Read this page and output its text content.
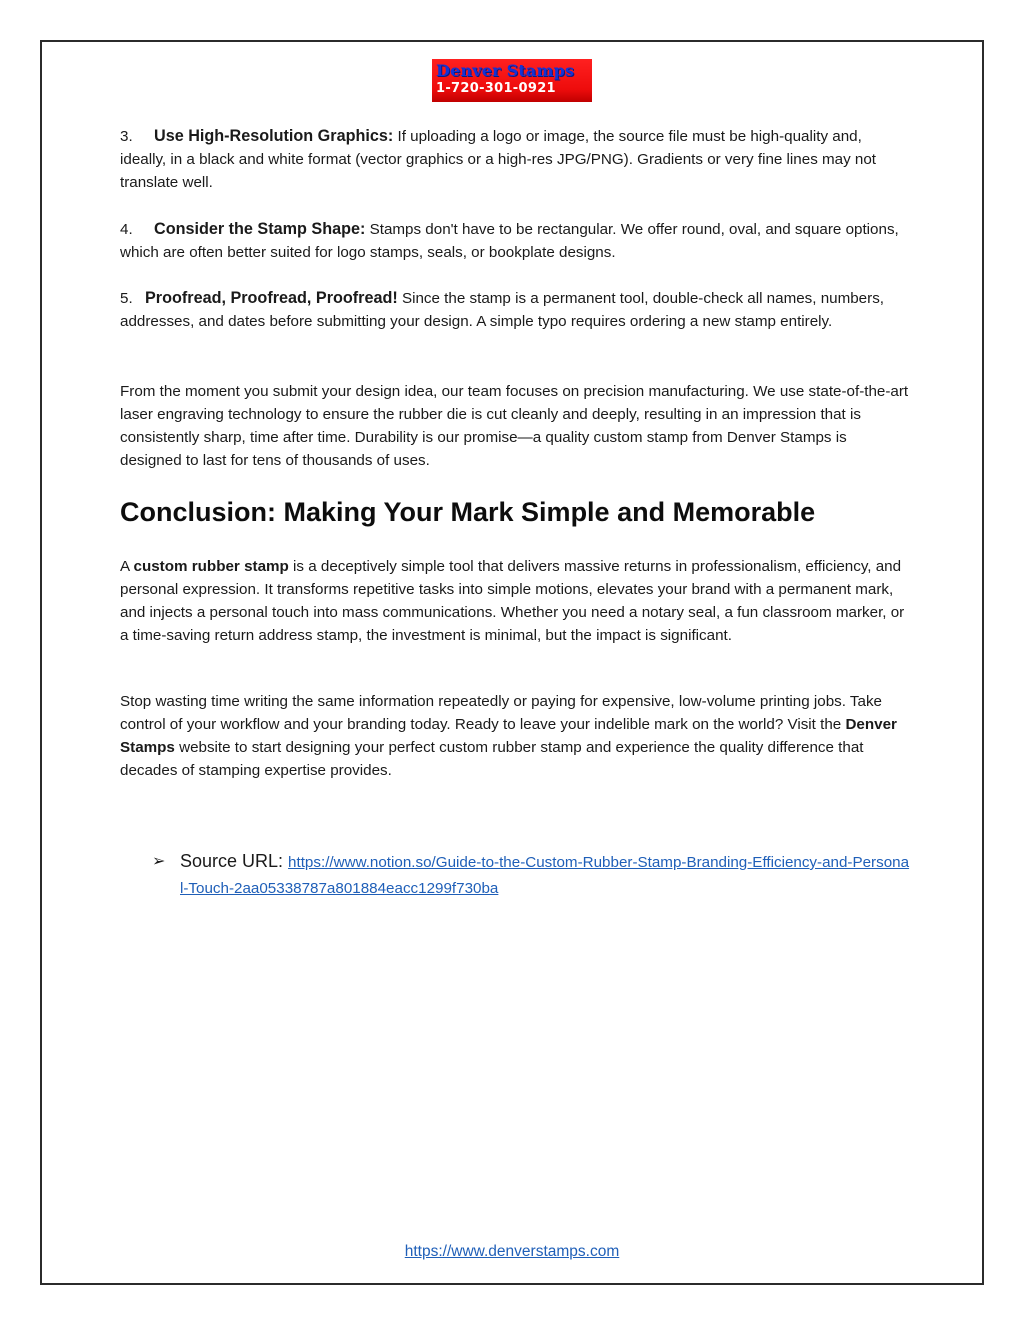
Denver Stamps
1-720-301-0921

3. Use High-Resolution Graphics: If uploading a logo or image, the source file must be high-quality and, ideally, in a black and white format (vector graphics or a high-res JPG/PNG). Gradients or very fine lines may not translate well.

4. Consider the Stamp Shape: Stamps don't have to be rectangular. We offer round, oval, and square options, which are often better suited for logo stamps, seals, or bookplate designs.

5. Proofread, Proofread, Proofread! Since the stamp is a permanent tool, double-check all names, numbers, addresses, and dates before submitting your design. A simple typo requires ordering a new stamp entirely.

From the moment you submit your design idea, our team focuses on precision manufacturing. We use state-of-the-art laser engraving technology to ensure the rubber die is cut cleanly and deeply, resulting in an impression that is consistently sharp, time after time. Durability is our promise—a quality custom stamp from Denver Stamps is designed to last for tens of thousands of uses.

Conclusion: Making Your Mark Simple and Memorable

A custom rubber stamp is a deceptively simple tool that delivers massive returns in professionalism, efficiency, and personal expression. It transforms repetitive tasks into simple motions, elevates your brand with a permanent mark, and injects a personal touch into mass communications. Whether you need a notary seal, a fun classroom marker, or a time-saving return address stamp, the investment is minimal, but the impact is significant.

Stop wasting time writing the same information repeatedly or paying for expensive, low-volume printing jobs. Take control of your workflow and your branding today. Ready to leave your indelible mark on the world? Visit the Denver Stamps website to start designing your perfect custom rubber stamp and experience the quality difference that decades of stamping expertise provides.

➢ Source URL: https://www.notion.so/Guide-to-the-Custom-Rubber-Stamp-Branding-Efficiency-and-Personal-Touch-2aa05338787a801884eacc1299f730ba
https://www.denverstamps.com
